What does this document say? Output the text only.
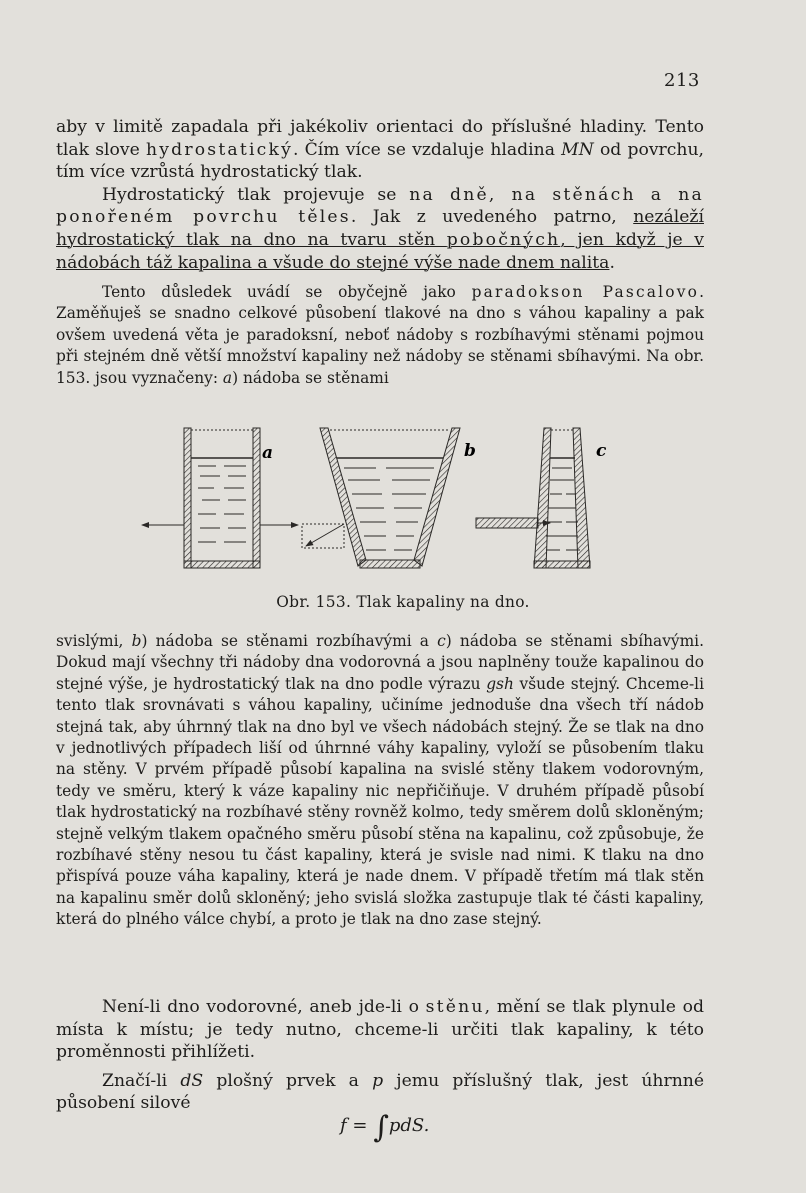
213

aby v limitě zapadala při jakékoliv orientaci do příslušné hladiny. Tento tlak slove hydrostatický. Čím více se vzdaluje hladina MN od povrchu, tím více vzrůstá hydrostatický tlak.

Hydrostatický tlak projevuje se na dně, na stěnách a na ponořeném povrchu těles. Jak z uvedeného patrno, nezáleží hydrostatický tlak na dno na tvaru stěn pobočných, jen když je v nádobách táž kapalina a všude do stejné výše nade dnem nalita.

Tento důsledek uvádí se obyčejně jako paradokson Pascalovo. Zaměňuješ se snadno celkové působení tlakové na dno s váhou kapaliny a pak ovšem uvedená věta je paradoksní, neboť nádoby s rozbíhavými stěnami pojmou při stejném dně větší množství kapaliny než nádoby se stěnami sbíhavými. Na obr. 153. jsou vyznačeny: a) nádoba se stěnami

a	b	c
Obr. 153. Tlak kapaliny na dno.

svislými, b) nádoba se stěnami rozbíhavými a c) nádoba se stěnami sbíhavými. Dokud mají všechny tři nádoby dna vodorovná a jsou naplněny touže kapalinou do stejné výše, je hydrostatický tlak na dno podle výrazu gsh všude stejný. Chceme-li tento tlak srovnávati s váhou kapaliny, učiníme jednoduše dna všech tří nádob stejná tak, aby úhrnný tlak na dno byl ve všech nádobách stejný. Že se tlak na dno v jednotlivých případech liší od úhrnné váhy kapaliny, vyloží se působením tlaku na stěny. V prvém případě působí kapalina na svislé stěny tlakem vodorovným, tedy ve směru, který k váze kapaliny nic nepřičiňuje. V druhém případě působí tlak hydrostatický na rozbíhavé stěny rovněž kolmo, tedy směrem dolů skloněným; stejně velkým tlakem opačného směru působí stěna na kapalinu, což způsobuje, že rozbíhavé stěny nesou tu část kapaliny, která je svisle nad nimi. K tlaku na dno přispívá pouze váha kapaliny, která je nade dnem. V případě třetím má tlak stěn na kapalinu směr dolů skloněný; jeho svislá složka zastupuje tlak té části kapaliny, která do plného válce chybí, a proto je tlak na dno zase stejný.

Není-li dno vodorovné, aneb jde-li o stěnu, mění se tlak plynule od místa k místu; je tedy nutno, chceme-li určiti tlak kapaliny, k této proměnnosti přihlížeti.

Značí-li dS plošný prvek a p jemu příslušný tlak, jest úhrnné působení silové

f = ∫pdS.
